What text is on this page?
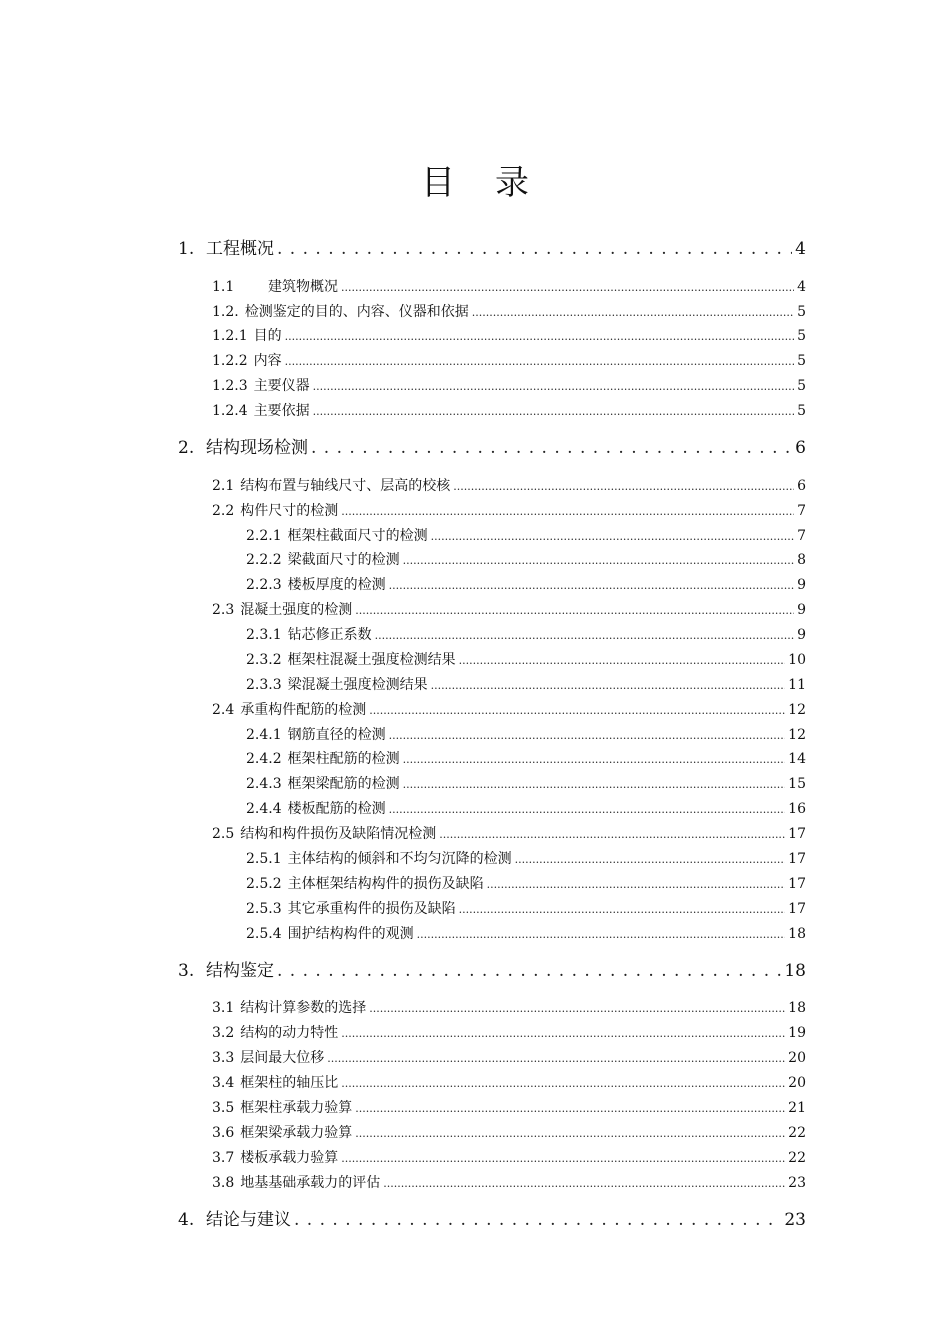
目录
1. 工程概况 . . .	4
1.1	建筑物概况 .....	4
1.2. 检测鉴定的目的、内容、仪器和依据 .....	5
1.2.1 目的 .....	5
1.2.2 内容 .....	5
1.2.3 主要仪器 .....	5
1.2.4 主要依据 .....	5
2. 结构现场检测 . . .	6
2.1 结构布置与轴线尺寸、层高的校核 .....	6
2.2 构件尺寸的检测 .....	7
2.2.1 框架柱截面尺寸的检测 .....	7
2.2.2 梁截面尺寸的检测 .....	8
2.2.3 楼板厚度的检测 .....	9
2.3 混凝土强度的检测 .....	9
2.3.1 钻芯修正系数 .....	9
2.3.2 框架柱混凝土强度检测结果 .....	10
2.3.3 梁混凝土强度检测结果 .....	11
2.4 承重构件配筋的检测 .....	12
2.4.1 钢筋直径的检测 .....	12
2.4.2 框架柱配筋的检测 .....	14
2.4.3 框架梁配筋的检测 .....	15
2.4.4 楼板配筋的检测 .....	16
2.5 结构和构件损伤及缺陷情况检测 .....	17
2.5.1 主体结构的倾斜和不均匀沉降的检测 .....	17
2.5.2 主体框架结构构件的损伤及缺陷 .....	17
2.5.3 其它承重构件的损伤及缺陷 .....	17
2.5.4 围护结构构件的观测 .....	18
3. 结构鉴定 . . .	18
3.1 结构计算参数的选择 .....	18
3.2 结构的动力特性 .....	19
3.3 层间最大位移 .....	20
3.4 框架柱的轴压比 .....	20
3.5 框架柱承载力验算 .....	21
3.6 框架梁承载力验算 .....	22
3.7 楼板承载力验算 .....	22
3.8 地基基础承载力的评估 .....	23
4. 结论与建议 . . .	23
